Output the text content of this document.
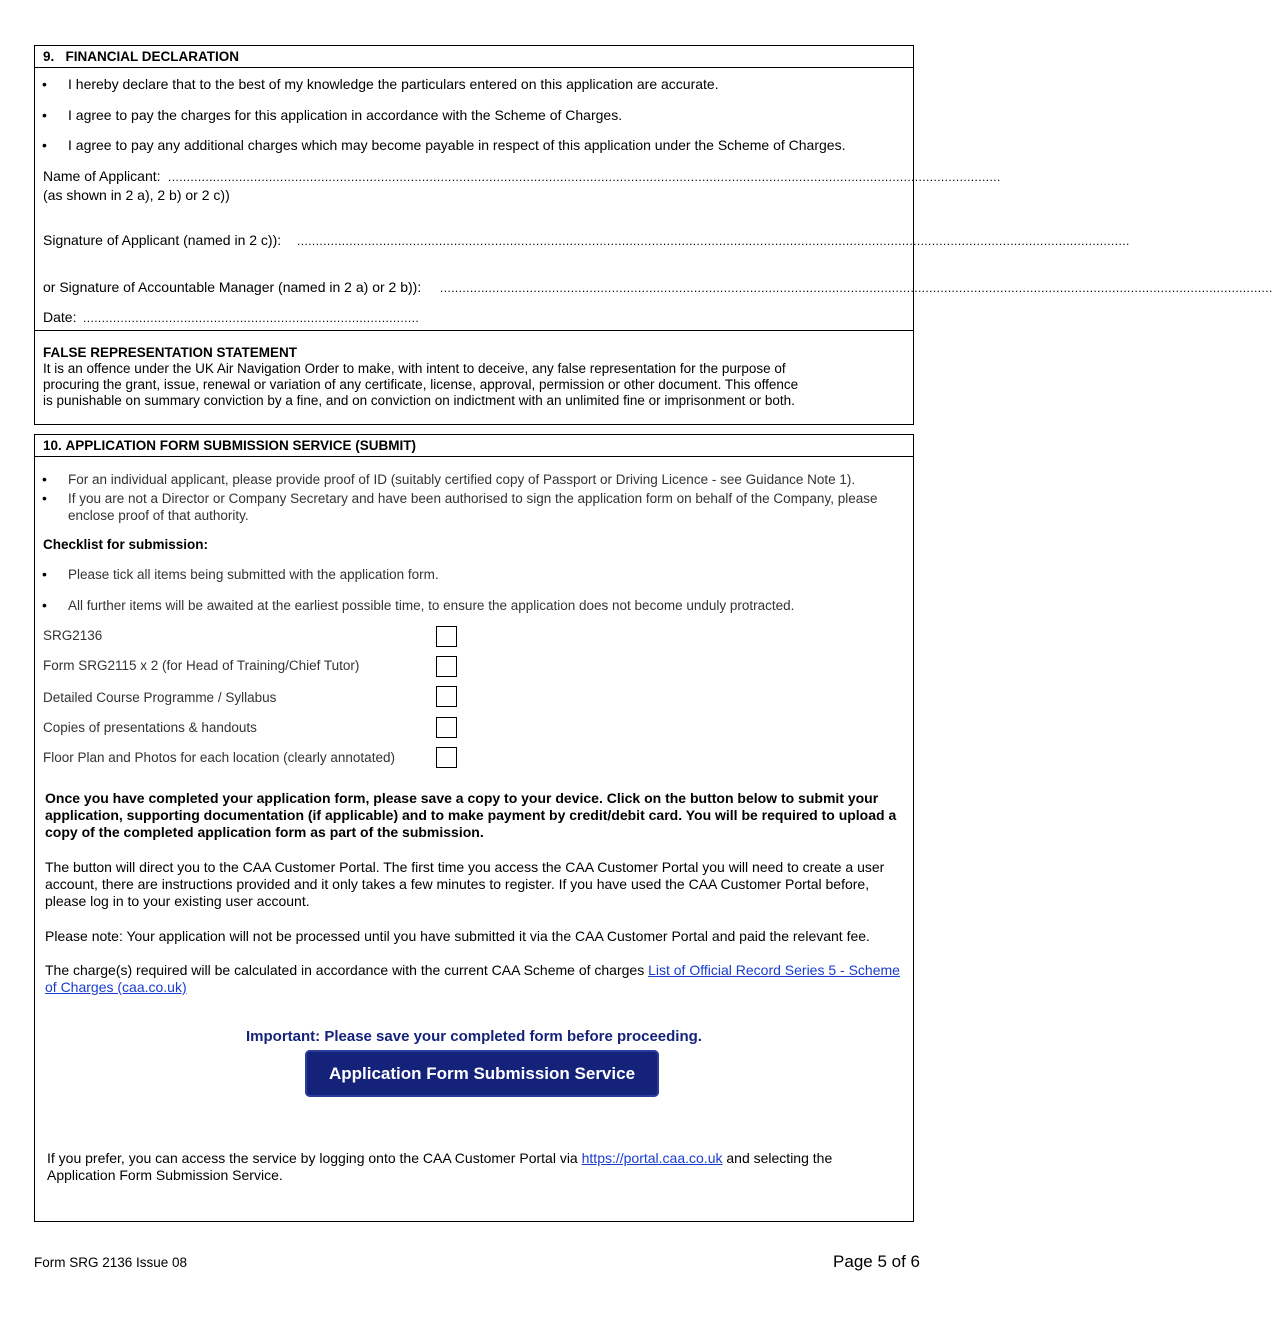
9.   FINANCIAL DECLARATION
• I hereby declare that to the best of my knowledge the particulars entered on this application are accurate.
• I agree to pay the charges for this application in accordance with the Scheme of Charges.
• I agree to pay any additional charges which may become payable in respect of this application under the Scheme of Charges.
Name of Applicant: ...............................................................................................................................................................................................................................
(as shown in 2 a), 2 b) or 2 c))
Signature of Applicant (named in 2 c)): ...............................................................................................................................................................................................................................
or Signature of Accountable Manager (named in 2 a) or 2 b)): ...............................................................................................................................................................................................................................
Date: ..........................................................................................
FALSE REPRESENTATION STATEMENT
It is an offence under the UK Air Navigation Order to make, with intent to deceive, any false representation for the purpose of
procuring the grant, issue, renewal or variation of any certificate, license, approval, permission or other document. This offence
is punishable on summary conviction by a fine, and on conviction on indictment with an unlimited fine or imprisonment or both.
10. APPLICATION FORM SUBMISSION SERVICE (SUBMIT)
• For an individual applicant, please provide proof of ID (suitably certified copy of Passport or Driving Licence - see Guidance Note 1).
• If you are not a Director or Company Secretary and have been authorised to sign the application form on behalf of the Company, please
enclose proof of that authority.
Checklist for submission:
• Please tick all items being submitted with the application form.
• All further items will be awaited at the earliest possible time, to ensure the application does not become unduly protracted.
SRG2136
Form SRG2115 x 2 (for Head of Training/Chief Tutor)
Detailed Course Programme / Syllabus
Copies of presentations & handouts
Floor Plan and Photos for each location (clearly annotated)
Once you have completed your application form, please save a copy to your device. Click on the button below to submit your application, supporting documentation (if applicable) and to make payment by credit/debit card. You will be required to upload a copy of the completed application form as part of the submission.
The button will direct you to the CAA Customer Portal. The first time you access the CAA Customer Portal you will need to create a user account, there are instructions provided and it only takes a few minutes to register. If you have used the CAA Customer Portal before, please log in to your existing user account.
Please note: Your application will not be processed until you have submitted it via the CAA Customer Portal and paid the relevant fee.
The charge(s) required will be calculated in accordance with the current CAA Scheme of charges List of Official Record Series 5 - Scheme of Charges (caa.co.uk)
Important: Please save your completed form before proceeding.
Application Form Submission Service
If you prefer, you can access the service by logging onto the CAA Customer Portal via https://portal.caa.co.uk and selecting the
Application Form Submission Service.
Form SRG 2136 Issue 08	Page 5 of 6
